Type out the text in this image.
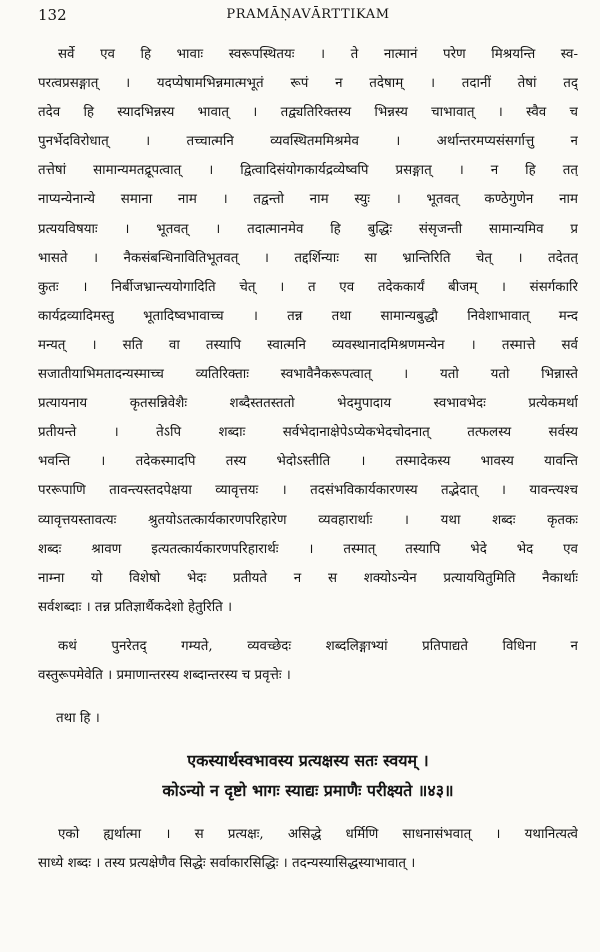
132	PRAMĀṆAVĀRTTIKAM
सर्वे एव हि भावाः स्वरूपस्थितयः । ते नात्मानं परेण मिश्रयन्ति स्व-
परत्वप्रसङ्गात् । यदप्येषामभिन्नमात्मभूतं रूपं न तदेषाम् । तदानीं तेषां तद्
तदेव हि स्यादभिन्नस्य भावात् । तद्व्यतिरिक्तस्य भिन्नस्य चाभावात् । स्वैव च
पुनर्भेदविरोधात् । तच्चात्मनि व्यवस्थितममिश्रमेव । अर्थान्तरमप्यसंसर्गात्तु न
तत्तेषां सामान्यमतद्रूपत्वात् । द्वित्वादिसंयोगकार्यद्रव्येष्वपि प्रसङ्गात् । न हि तत्
नाप्यन्येनान्ये समाना नाम । तद्वन्तो नाम स्युः । भूतवत् कण्ठेगुणेन नाम
प्रत्ययविषयाः । भूतवत् । तदात्मानमेव हि बुद्धिः संसृजन्ती सामान्यमिव प्र
भासते । नैकसंबन्धिनावितिभूतवत् । तद्दर्शिन्याः सा भ्रान्तिरिति चेत् । तदेतत्
कुतः । निर्बीजभ्रान्त्ययोगादिति चेत् । त एव तदेककार्यं बीजम् । संसर्गकारि
कार्यद्रव्यादिमस्तु भूतादिष्वभावाच्च । तन्न तथा सामान्यबुद्धौ निवेशाभावात् मन्द
मन्यत् । सति वा तस्यापि स्वात्मनि व्यवस्थानादमिश्रणमन्येन । तस्मात्ते सर्व
सजातीयाभिमतादन्यस्माच्च व्यतिरिक्ताः स्वभावैनैकरूपत्वात् । यतो यतो भिन्नास्ते
प्रत्यायनाय कृतसन्निवेशैः शब्दैस्ततस्ततो भेदमुपादाय स्वभावभेदः प्रत्येकमर्था
प्रतीयन्ते । तेऽपि शब्दाः सर्वभेदानाक्षेपेऽप्येकभेदचोदनात् तत्फलस्य सर्वस्य
भवन्ति । तदेकस्मादपि तस्य भेदोऽस्तीति । तस्मादेकस्य भावस्य यावन्ति
पररूपाणि तावन्त्यस्तदपेक्षया व्यावृत्तयः । तदसंभविकार्यकारणस्य तद्भेदात् । यावन्त्यश्च
व्यावृत्तयस्तावत्यः श्रुतयोऽतत्कार्यकारणपरिहारेण व्यवहारार्थाः । यथा शब्दः कृतकः
शब्दः श्रावण इत्यतत्कार्यकारणपरिहारार्थः । तस्मात् तस्यापि भेदे भेद एव
नाम्ना यो विशेषो भेदः प्रतीयते न स शक्योऽन्येन प्रत्याययितुमिति नैकार्थाः
सर्वशब्दाः । तन्न प्रतिज्ञार्थैकदेशो हेतुरिति ।
कथं पुनरेतद् गम्यते, व्यवच्छेदः शब्दलिङ्गाभ्यां प्रतिपाद्यते विधिना न
वस्तुरूपमेवेति । प्रमाणान्तरस्य शब्दान्तरस्य च प्रवृत्तेः ।
तथा हि ।
एकस्यार्थस्वभावस्य प्रत्यक्षस्य सतः स्वयम् ।
कोऽन्यो न दृष्टो भागः स्याद्यः प्रमाणैः परीक्ष्यते ॥४३॥
एको ह्यर्थात्मा । स प्रत्यक्षः, असिद्धे धर्मिणि साधनासंभवात् । यथानित्यत्वे
साध्ये शब्दः । तस्य प्रत्यक्षेणैव सिद्धेः सर्वाकारसिद्धिः । तदन्यस्यासिद्धस्याभावात् ।
